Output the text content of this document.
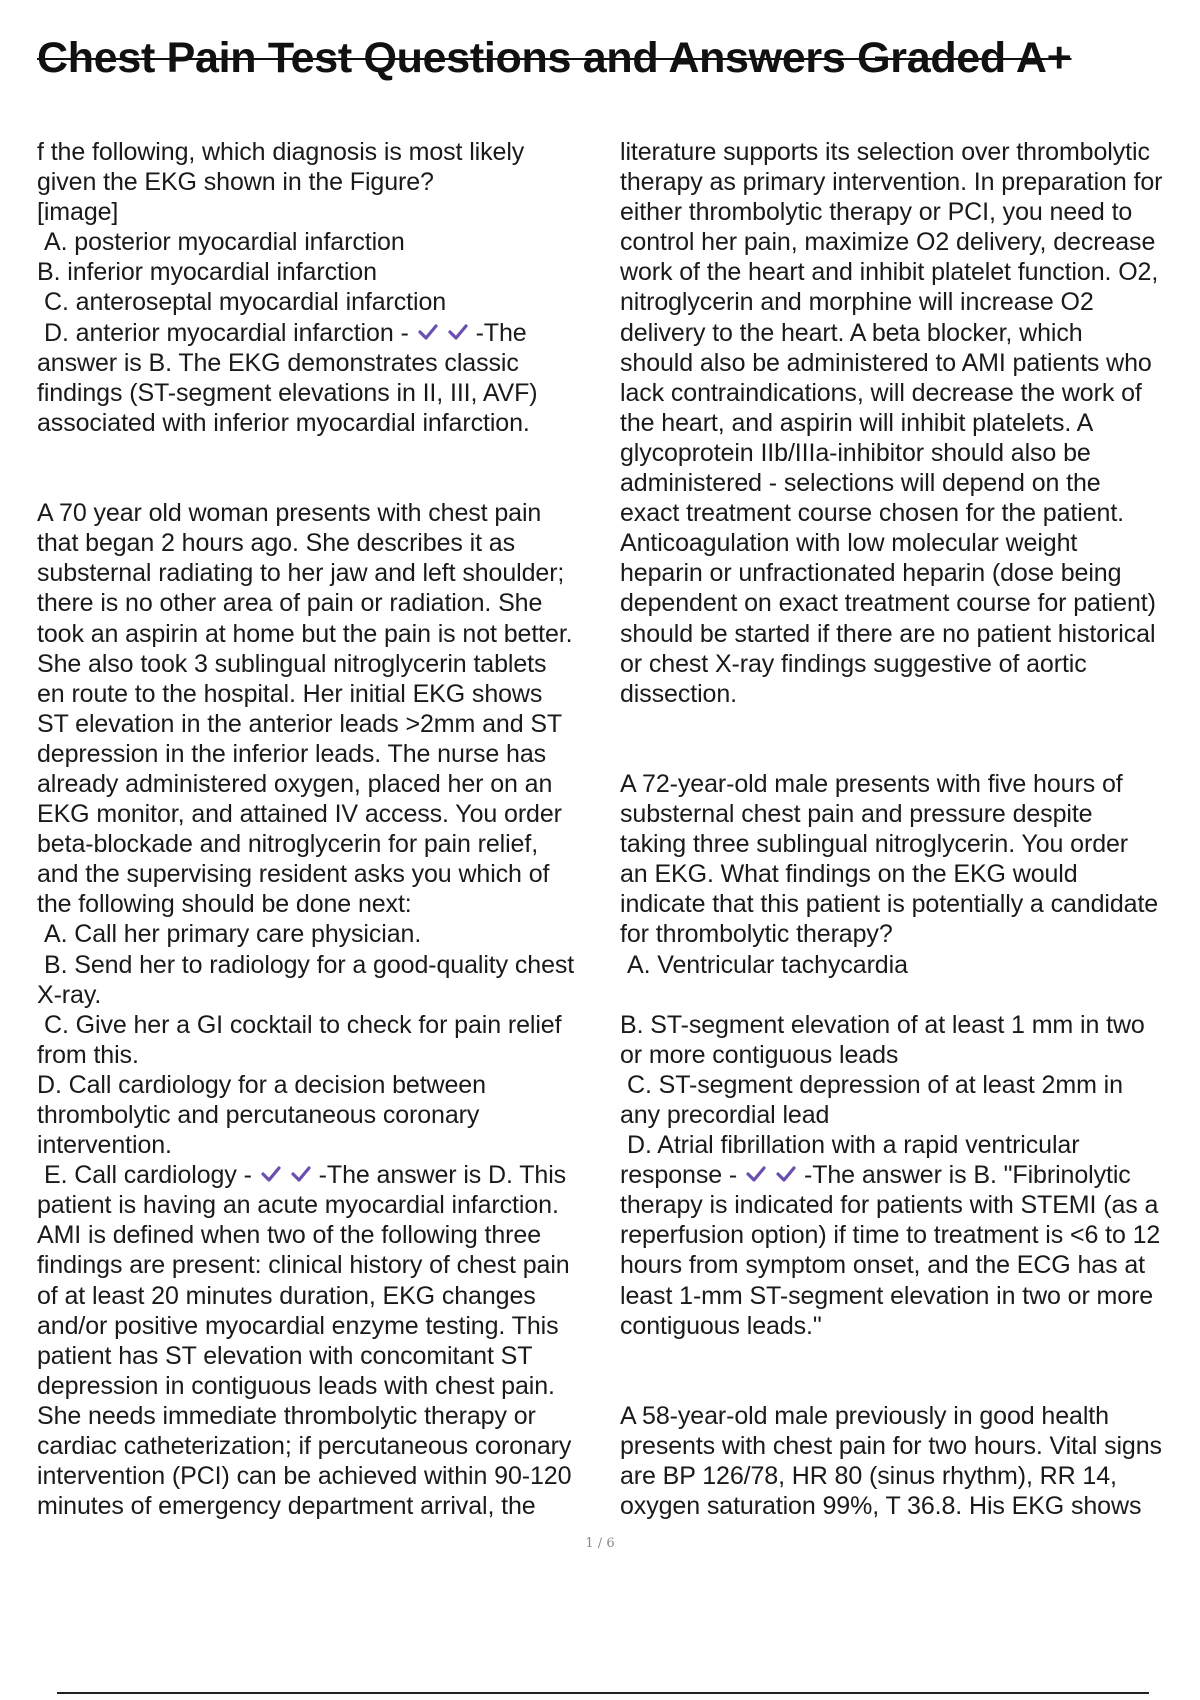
Chest Pain Test Questions and Answers Graded A+
f the following, which diagnosis is most likely
given the EKG shown in the Figure?
[image]
A. posterior myocardial infarction
B. inferior myocardial infarction
C. anteroseptal myocardial infarction
D. anterior myocardial infarction -	-The
answer is B. The EKG demonstrates classic
findings (ST-segment elevations in II, III, AVF)
associated with inferior myocardial infarction.
A 70 year old woman presents with chest pain
that began 2 hours ago. She describes it as
substernal radiating to her jaw and left shoulder;
there is no other area of pain or radiation. She
took an aspirin at home but the pain is not better.
She also took 3 sublingual nitroglycerin tablets
en route to the hospital. Her initial EKG shows
ST elevation in the anterior leads >2mm and ST
depression in the inferior leads. The nurse has
already administered oxygen, placed her on an
EKG monitor, and attained IV access. You order
beta-blockade and nitroglycerin for pain relief,
and the supervising resident asks you which of
the following should be done next:
A. Call her primary care physician.
B. Send her to radiology for a good-quality chest
X-ray.
C. Give her a GI cocktail to check for pain relief
from this.
D. Call cardiology for a decision between
thrombolytic and percutaneous coronary
intervention.
E. Call cardiology -	-The answer is D. This
patient is having an acute myocardial infarction.
AMI is defined when two of the following three
findings are present: clinical history of chest pain
of at least 20 minutes duration, EKG changes
and/or positive myocardial enzyme testing. This
patient has ST elevation with concomitant ST
depression in contiguous leads with chest pain.
She needs immediate thrombolytic therapy or
cardiac catheterization; if percutaneous coronary
intervention (PCI) can be achieved within 90-120
minutes of emergency department arrival, the
literature supports its selection over thrombolytic
therapy as primary intervention. In preparation for
either thrombolytic therapy or PCI, you need to
control her pain, maximize O2 delivery, decrease
work of the heart and inhibit platelet function. O2,
nitroglycerin and morphine will increase O2
delivery to the heart. A beta blocker, which
should also be administered to AMI patients who
lack contraindications, will decrease the work of
the heart, and aspirin will inhibit platelets. A
glycoprotein IIb/IIIa-inhibitor should also be
administered - selections will depend on the
exact treatment course chosen for the patient.
Anticoagulation with low molecular weight
heparin or unfractionated heparin (dose being
dependent on exact treatment course for patient)
should be started if there are no patient historical
or chest X-ray findings suggestive of aortic
dissection.
A 72-year-old male presents with five hours of
substernal chest pain and pressure despite
taking three sublingual nitroglycerin. You order
an EKG. What findings on the EKG would
indicate that this patient is potentially a candidate
for thrombolytic therapy?
A. Ventricular tachycardia
B. ST-segment elevation of at least 1 mm in two
or more contiguous leads
C. ST-segment depression of at least 2mm in
any precordial lead
D. Atrial fibrillation with a rapid ventricular
response -	-The answer is B. "Fibrinolytic
therapy is indicated for patients with STEMI (as a
reperfusion option) if time to treatment is <6 to 12
hours from symptom onset, and the ECG has at
least 1-mm ST-segment elevation in two or more
contiguous leads."
A 58-year-old male previously in good health
presents with chest pain for two hours. Vital signs
are BP 126/78, HR 80 (sinus rhythm), RR 14,
oxygen saturation 99%, T 36.8. His EKG shows
1 / 6
